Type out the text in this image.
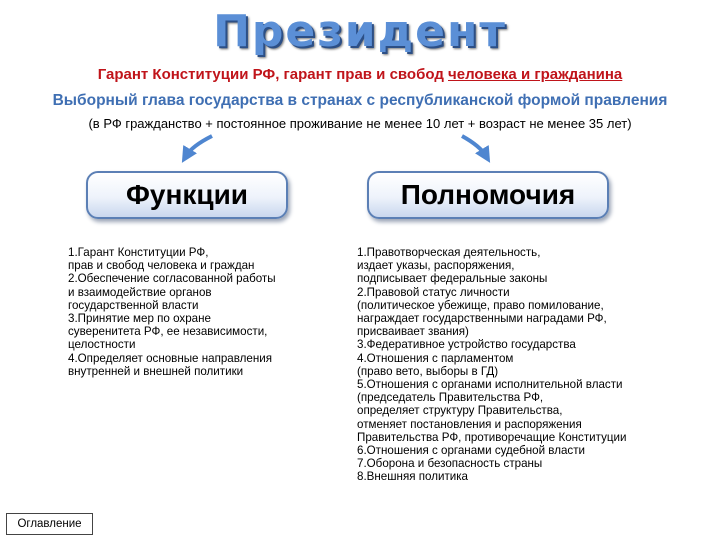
Президент
Гарант Конституции РФ, гарант прав и свобод человека и гражданина
Выборный глава государства в странах с республиканской формой правления
(в РФ гражданство + постоянное проживание не менее 10 лет + возраст не менее 35 лет)
Функции	Полномочия
1.Гарант Конституции РФ,
прав и свобод человека и граждан
2.Обеспечение согласованной работы
и взаимодействие органов
государственной власти
3.Принятие мер по охране
суверенитета РФ, ее независимости,
целостности
4.Определяет основные направления
внутренней и внешней политики
1.Правотворческая деятельность,
издает указы, распоряжения,
подписывает федеральные законы
2.Правовой статус личности
(политическое убежище, право помилование,
награждает государственными наградами РФ,
присваивает звания)
3.Федеративное устройство государства
4.Отношения с парламентом
(право вето, выборы в ГД)
5.Отношения с органами исполнительной власти
(председатель Правительства РФ,
определяет структуру Правительства,
отменяет постановления и распоряжения
Правительства РФ, противоречащие Конституции
6.Отношения с органами судебной власти
7.Оборона и безопасность страны
8.Внешняя политика
Оглавление
